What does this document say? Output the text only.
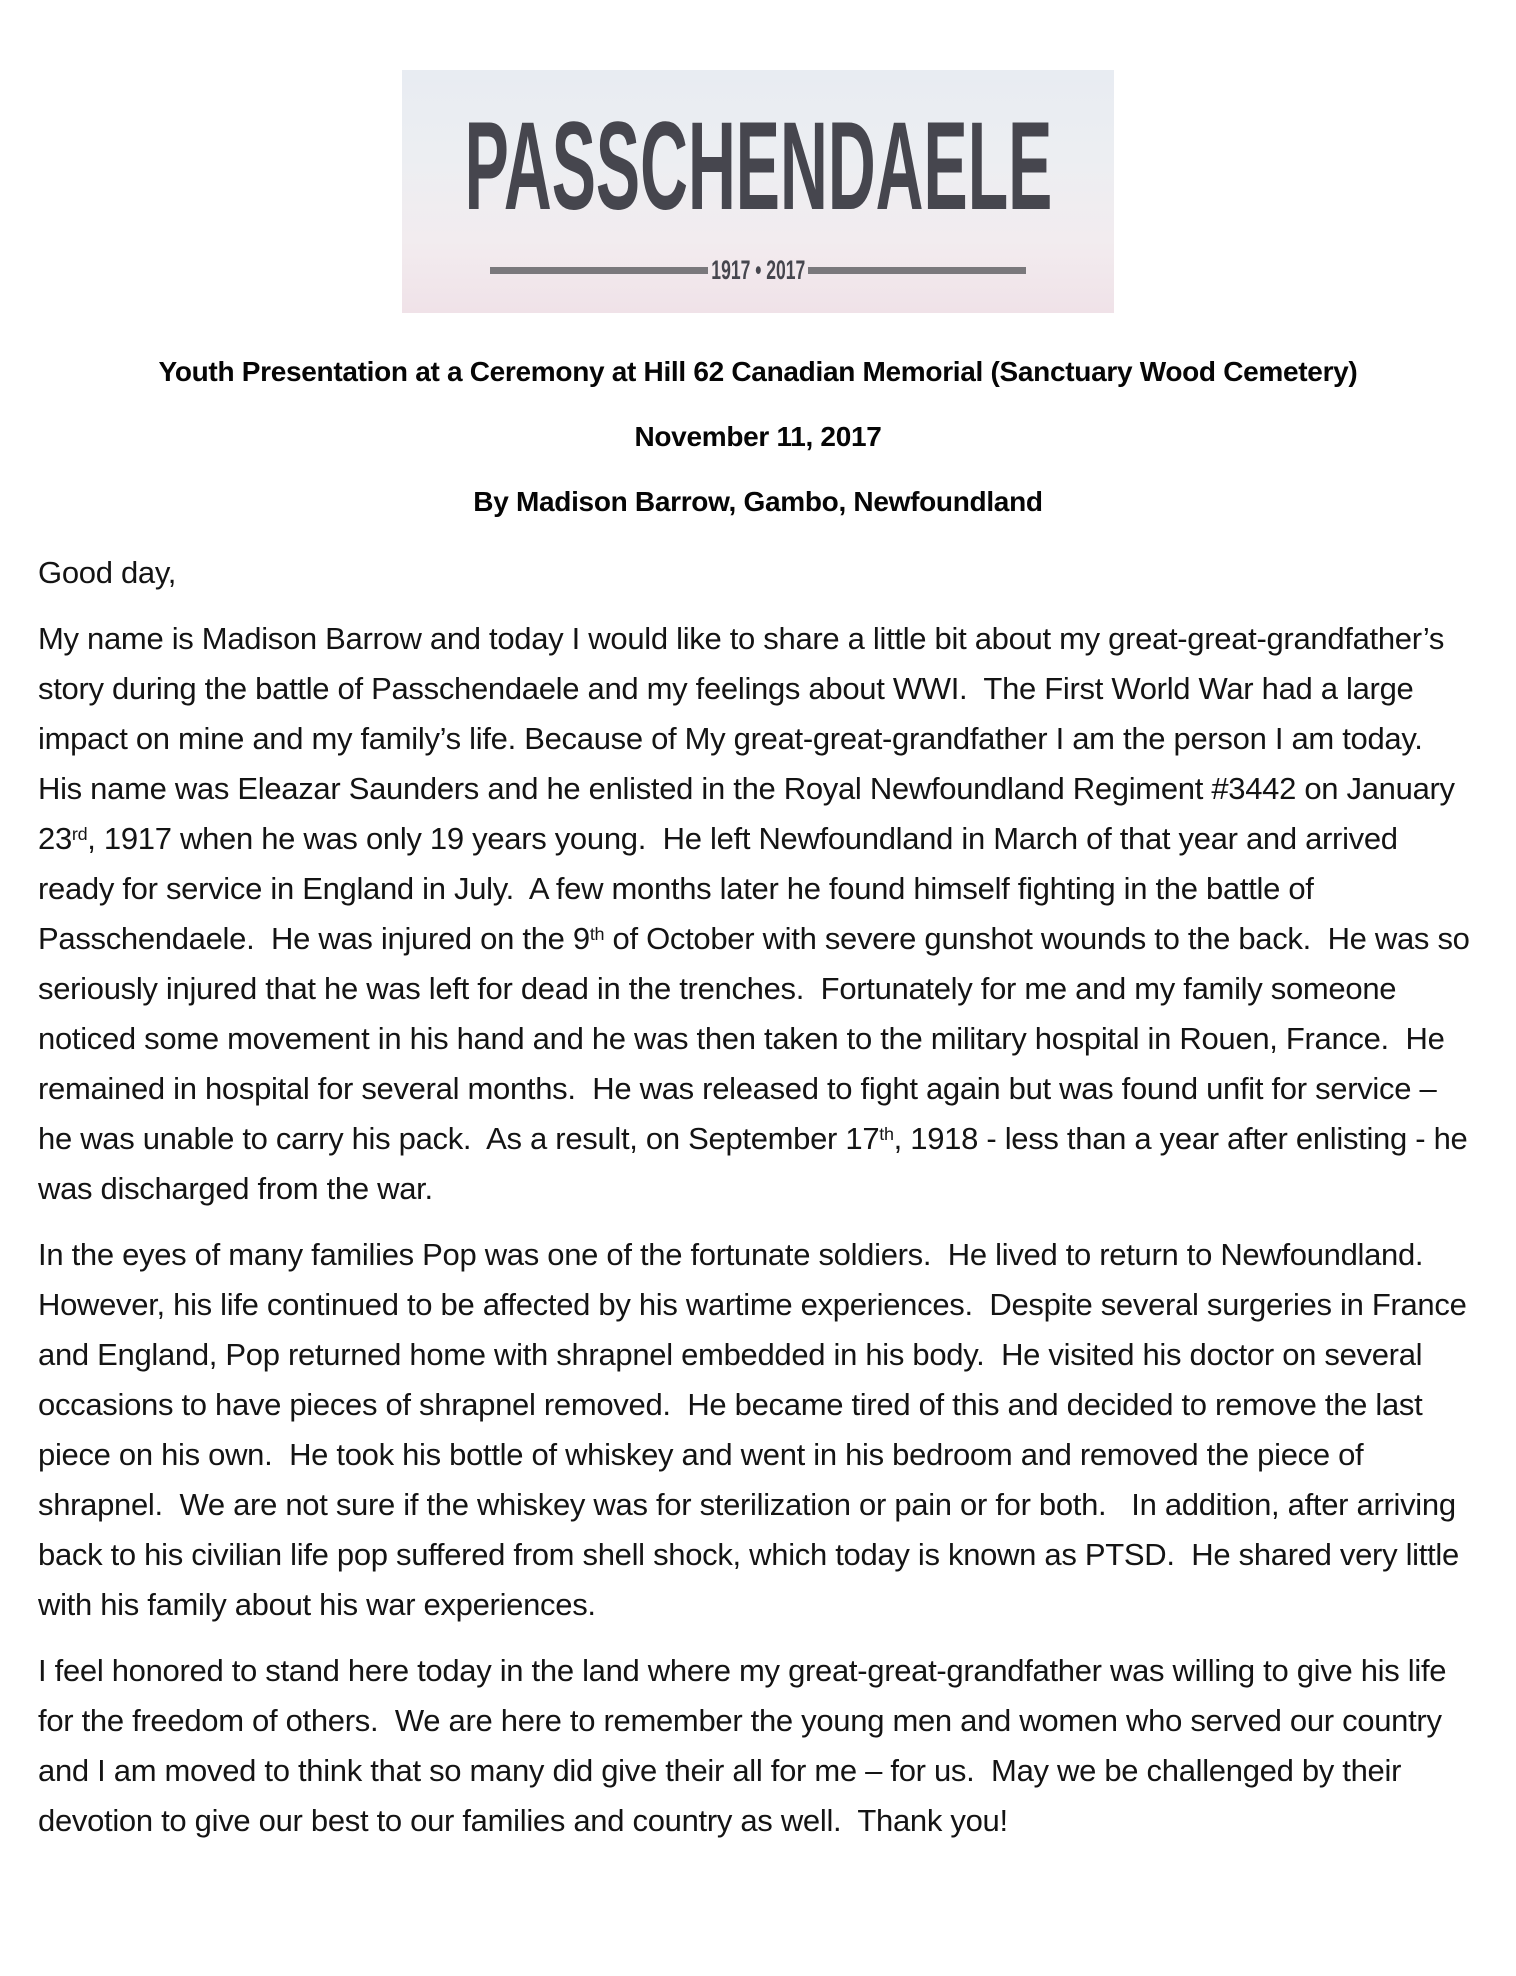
PASSCHENDAELE
1917 • 2017
Youth Presentation at a Ceremony at Hill 62 Canadian Memorial (Sanctuary Wood Cemetery)
November 11, 2017
By Madison Barrow, Gambo, Newfoundland

Good day,

My name is Madison Barrow and today I would like to share a little bit about my great-great-grandfather’s story during the battle of Passchendaele and my feelings about WWI.  The First World War had a large impact on mine and my family’s life. Because of My great-great-grandfather I am the person I am today.  His name was Eleazar Saunders and he enlisted in the Royal Newfoundland Regiment #3442 on January 23rd, 1917 when he was only 19 years young.  He left Newfoundland in March of that year and arrived ready for service in England in July.  A few months later he found himself fighting in the battle of Passchendaele.  He was injured on the 9th of October with severe gunshot wounds to the back.  He was so seriously injured that he was left for dead in the trenches.  Fortunately for me and my family someone noticed some movement in his hand and he was then taken to the military hospital in Rouen, France.  He remained in hospital for several months.  He was released to fight again but was found unfit for service – he was unable to carry his pack.  As a result, on September 17th, 1918 - less than a year after enlisting - he was discharged from the war.

In the eyes of many families Pop was one of the fortunate soldiers.  He lived to return to Newfoundland.  However, his life continued to be affected by his wartime experiences.  Despite several surgeries in France and England, Pop returned home with shrapnel embedded in his body.  He visited his doctor on several occasions to have pieces of shrapnel removed.  He became tired of this and decided to remove the last piece on his own.  He took his bottle of whiskey and went in his bedroom and removed the piece of shrapnel.  We are not sure if the whiskey was for sterilization or pain or for both.   In addition, after arriving back to his civilian life pop suffered from shell shock, which today is known as PTSD.  He shared very little with his family about his war experiences.

I feel honored to stand here today in the land where my great-great-grandfather was willing to give his life for the freedom of others.  We are here to remember the young men and women who served our country and I am moved to think that so many did give their all for me – for us.  May we be challenged by their devotion to give our best to our families and country as well.  Thank you!
